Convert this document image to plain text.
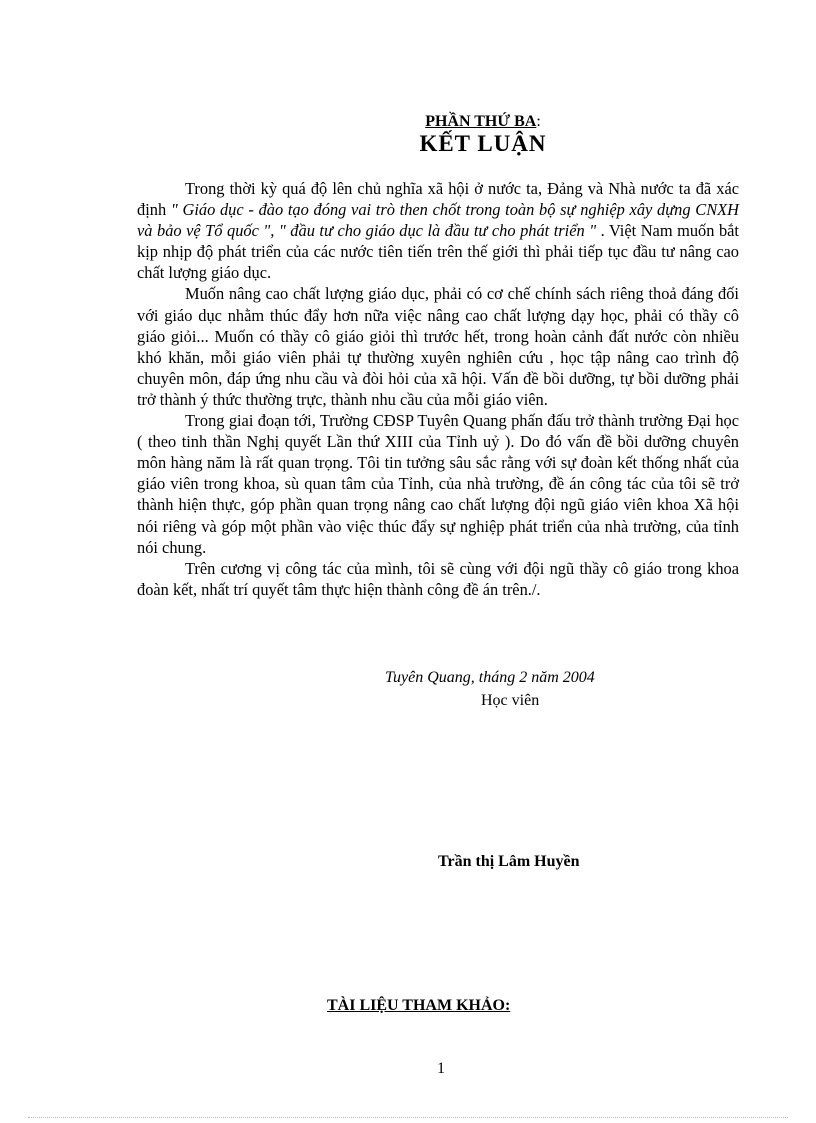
PHẦN THỨ BA:
KẾT LUẬN

Trong thời kỳ quá độ lên chủ nghĩa xã hội ở nước ta, Đảng và Nhà nước ta đã xác định " Giáo dục - đào tạo đóng vai trò then chốt trong toàn bộ sự nghiệp xây dựng CNXH và bảo vệ Tổ quốc ", " đầu tư cho giáo dục là đầu tư cho phát triển " . Việt Nam muốn bắt kịp nhịp độ phát triển của các nước tiên tiến trên thế giới thì phải tiếp tục đầu tư nâng cao chất lượng giáo dục.

Muốn nâng cao chất lượng giáo dục, phải có cơ chế chính sách riêng thoả đáng đối với giáo dục nhằm thúc đẩy hơn nữa việc nâng cao chất lượng dạy học, phải có thầy cô giáo giỏi... Muốn có thầy cô giáo giỏi thì trước hết, trong hoàn cảnh đất nước còn nhiều khó khăn, mỗi giáo viên phải tự thường xuyên nghiên cứu , học tập nâng cao trình độ chuyên môn, đáp ứng nhu cầu và đòi hỏi của xã hội. Vấn đề bồi dưỡng, tự bồi dưỡng phải trở thành ý thức thường trực, thành nhu cầu của mỗi giáo viên.

Trong giai đoạn tới, Trường CĐSP Tuyên Quang phấn đấu trở thành trường Đại học ( theo tinh thần Nghị quyết Lần thứ XIII của Tỉnh uỷ ). Do đó vấn đề bồi dưỡng chuyên môn hàng năm là rất quan trọng. Tôi tin tưởng sâu sắc rằng với sự đoàn kết thống nhất của giáo viên trong khoa, sù quan tâm của Tỉnh, của nhà trường, đề án công tác của tôi sẽ trở thành hiện thực, góp phần quan trọng nâng cao chất lượng đội ngũ giáo viên khoa Xã hội nói riêng và góp một phần vào việc thúc đẩy sự nghiệp phát triển của nhà trường, của tỉnh nói chung.

Trên cương vị công tác của mình, tôi sẽ cùng với đội ngũ thầy cô giáo trong khoa đoàn kết, nhất trí quyết tâm thực hiện thành công đề án trên./.

Tuyên Quang, tháng 2 năm 2004
Học viên
Trần thị Lâm Huyền
TÀI LIỆU THAM KHẢO:
1
